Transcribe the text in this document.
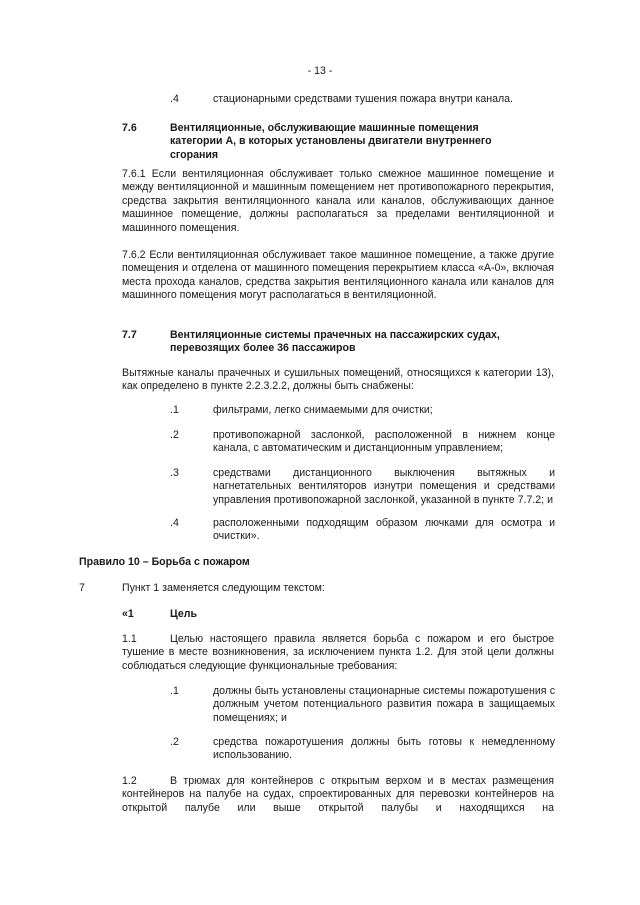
- 13 -
.4	стационарными средствами тушения пожара внутри канала.
7.6	Вентиляционные, обслуживающие машинные помещения категории А, в которых установлены двигатели внутреннего сгорания
7.6.1 Если вентиляционная обслуживает только смежное машинное помещение и между вентиляционной и машинным помещением нет противопожарного перекрытия, средства закрытия вентиляционного канала или каналов, обслуживающих данное машинное помещение, должны располагаться за пределами вентиляционной и машинного помещения.
7.6.2 Если вентиляционная обслуживает такое машинное помещение, а также другие помещения и отделена от машинного помещения перекрытием класса «А-0», включая места прохода каналов, средства закрытия вентиляционного канала или каналов для машинного помещения могут располагаться в вентиляционной.
7.7	Вентиляционные системы прачечных на пассажирских судах, перевозящих более 36 пассажиров
Вытяжные каналы прачечных и сушильных помещений, относящихся к категории 13), как определено в пункте 2.2.3.2.2, должны быть снабжены:
.1	фильтрами, легко снимаемыми для очистки;
.2	противопожарной заслонкой, расположенной в нижнем конце канала, с автоматическим и дистанционным управлением;
.3	средствами дистанционного выключения вытяжных и нагнетательных вентиляторов изнутри помещения и средствами управления противопожарной заслонкой, указанной в пункте 7.7.2; и
.4	расположенными подходящим образом лючками для осмотра и очистки».
Правило 10 – Борьба с пожаром
7	Пункт 1 заменяется следующим текстом:
«1	Цель
1.1	Целью настоящего правила является борьба с пожаром и его быстрое тушение в месте возникновения, за исключением пункта 1.2. Для этой цели должны соблюдаться следующие функциональные требования:
.1	должны быть установлены стационарные системы пожаротушения с должным учетом потенциального развития пожара в защищаемых помещениях; и
.2	средства пожаротушения должны быть готовы к немедленному использованию.
1.2	В трюмах для контейнеров с открытым верхом и в местах размещения контейнеров на палубе на судах, спроектированных для перевозки контейнеров на открытой палубе или выше открытой палубы и находящихся на
